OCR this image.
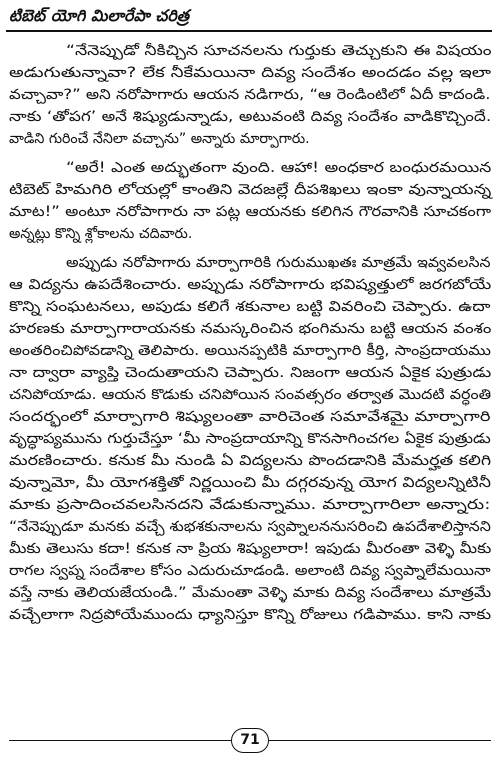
టిబెట్ యోగి మిలారేపా చరిత్ర
“నేనెప్పుడో నీకిచ్చిన సూచనలను గుర్తుకు తెచ్చుకుని ఈ విషయం
అడుగుతున్నావా? లేక నీకేమయినా దివ్య సందేశం అందడం వల్ల ఇలా
వచ్చావా?” అని నరోపాగారు ఆయన నడిగారు, “ఆ రెండింటిలో ఏదీ కాదండి.
నాకు ‘తోపగ’ అనే శిష్యుడున్నాడు, అటువంటి దివ్య సందేశం వాడికొచ్చిందే.
వాడిని గురించే నేనిలా వచ్చాను” అన్నారు మార్పాగారు.
“అరే! ఎంత అద్భుతంగా వుంది. ఆహా! అంధకార బంధురమయిన
టిబెట్ హిమగిరి లోయల్లో కాంతిని వెదజల్లే దీపశిఖలు ఇంకా వున్నాయన్న
మాట!” అంటూ నరోపాగారు నా పట్ల ఆయనకు కలిగిన గౌరవానికి సూచకంగా
అన్నట్లు కొన్ని శ్లోకాలను చదివారు.
అప్పుడు నరోపాగారు మార్పాగారికి గురుముఖతః మాత్రమే ఇవ్వవలసిన
ఆ విద్యను ఉపదేశించారు. అప్పుడు నరోపాగారు భవిష్యత్తులో జరగబోయే
కొన్ని సంఘటనలు, అపుడు కలిగే శకునాల బట్టి వివరించి చెప్పారు. ఉదా
హరణకు మార్పాగారాయనకు నమస్కరించిన భంగిమను బట్టి ఆయన వంశం
అంతరించిపోవడాన్ని తెలిపారు. అయినప్పటికి మార్పాగారి కీర్తి, సాంప్రదాయము
నా ద్వారా వ్యాప్తి చెందుతాయని చెప్పారు. నిజంగా ఆయన ఏకైక పుత్రుడు
చనిపోయాడు. ఆయన కొడుకు చనిపోయిన సంవత్సరం తర్వాత మొదటి వర్ధంతి
సందర్భంలో మార్పాగారి శిష్యులంతా వారిచెంత సమావేశమై మార్పాగారి
వృద్ధాప్యమును గుర్తుచేస్తూ ‘మీ సాంప్రదాయాన్ని కొనసాగించగల ఏకైక పుత్రుడు
మరణించారు. కనుక మీ నుండి ఏ విద్యలను పొందడానికి మేమర్హత కలిగి
వున్నామో, మీ యోగశక్తితో నిర్ణయించి మీ దగ్గరవున్న యోగ విద్యలన్నిటినీ
మాకు ప్రసాదించవలసినదని వేడుకున్నాము. మార్పాగారిలా అన్నారు:
“నేనెప్పుడూ మనకు వచ్చే శుభశకునాలను స్వప్నాలననుసరించి ఉపదేశాలిస్తానని
మీకు తెలుసు కదా! కనుక నా ప్రియ శిష్యులారా! ఇపుడు మీరంతా వెళ్ళి మీకు
రాగల స్వప్న సందేశాల కోసం ఎదురుచూడండి. అలాంటి దివ్య స్వప్నాలేమయినా
వస్తే నాకు తెలియజేయండి.” మేమంతా వెళ్ళి మాకు దివ్య సందేశాలు మాత్రమే
వచ్చేలాగా నిద్రపోయేముందు ధ్యానిస్తూ కొన్ని రోజులు గడిపాము. కాని నాకు
71
